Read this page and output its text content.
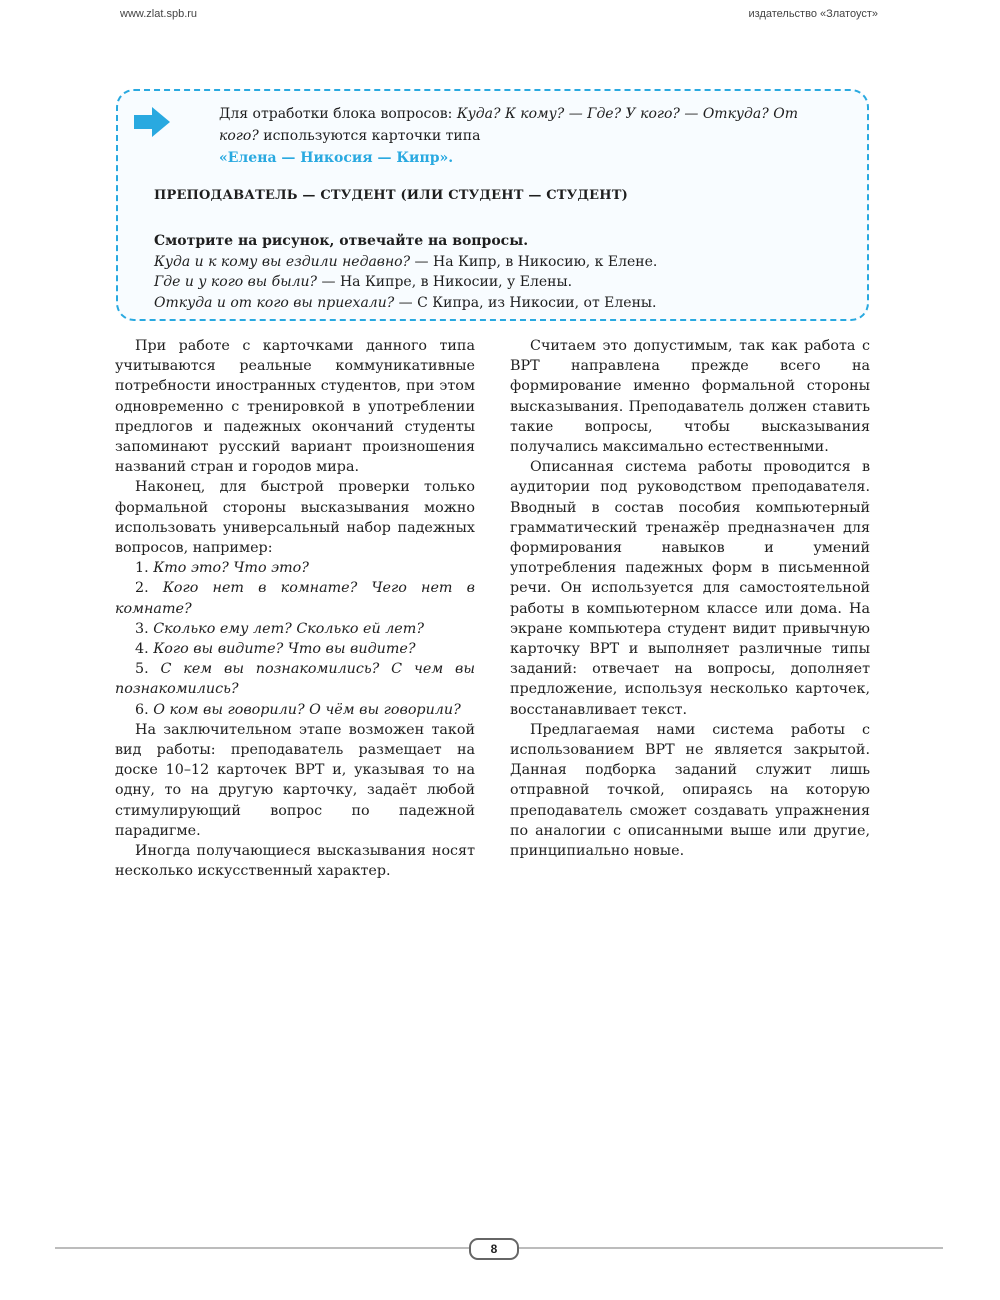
www.zlat.spb.ru	издательство «Златоуст»
Для отработки блока вопросов: Куда? К кому? — Где? У кого? — Откуда? От кого? используются карточки типа
«Елена — Никосия — Кипр».
ПРЕПОДАВАТЕЛЬ — СТУДЕНТ (ИЛИ СТУДЕНТ — СТУДЕНТ)
Смотрите на рисунок, отвечайте на вопросы.
Куда и к кому вы ездили недавно? — На Кипр, в Никосию, к Елене.
Где и у кого вы были? — На Кипре, в Никосии, у Елены.
Откуда и от кого вы приехали? — С Кипра, из Никосии, от Елены.

При работе с карточками данного типа учитываются реальные коммуникативные потребности иностранных студентов, при этом одновременно с тренировкой в употреблении предлогов и падежных окончаний студенты запоминают русский вариант произношения названий стран и городов мира.

Наконец, для быстрой проверки только формальной стороны высказывания можно использовать универсальный набор падежных вопросов, например:

1. Кто это? Что это?

2. Кого нет в комнате? Чего нет в комнате?

3. Сколько ему лет? Сколько ей лет?

4. Кого вы видите? Что вы видите?

5. С кем вы познакомились? С чем вы познакомились?

6. О ком вы говорили? О чём вы говорили?

На заключительном этапе возможен такой вид работы: преподаватель размещает на доске 10–12 карточек ВРТ и, указывая то на одну, то на другую карточку, задаёт любой стимулирующий вопрос по падежной парадигме.

Иногда получающиеся высказывания носят несколько искусственный характер.

Считаем это допустимым, так как работа с ВРТ направлена прежде всего на формирование именно формальной стороны высказывания. Преподаватель должен ставить такие вопросы, чтобы высказывания получались максимально естественными.

Описанная система работы проводится в аудитории под руководством преподавателя. Вводный в состав пособия компьютерный грамматический тренажёр предназначен для формирования навыков и умений употребления падежных форм в письменной речи. Он используется для самостоятельной работы в компьютерном классе или дома. На экране компьютера студент видит привычную карточку ВРТ и выполняет различные типы заданий: отвечает на вопросы, дополняет предложение, используя несколько карточек, восстанавливает текст.

Предлагаемая нами система работы с использованием ВРТ не является закрытой. Данная подборка заданий служит лишь отправной точкой, опираясь на которую преподаватель сможет создавать упражнения по аналогии с описанными выше или другие, принципиально новые.

8
